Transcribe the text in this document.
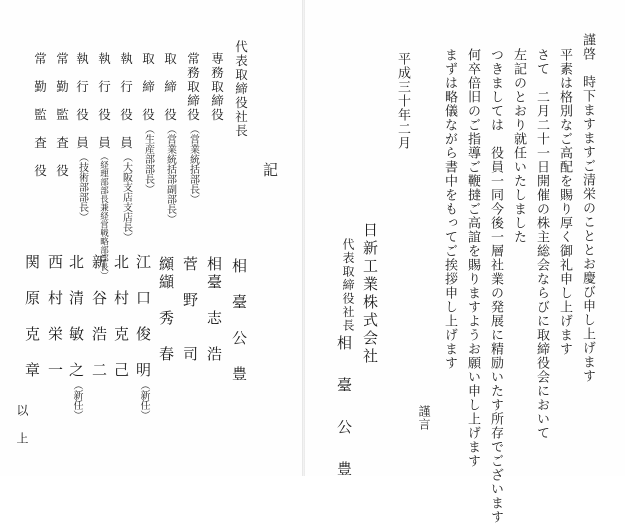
謹啓　時下ますますご清栄のこととお慶び申し上げます
平素は格別なご高配を賜り厚く御礼申し上げます
さて　二月二十一日開催の株主総会ならびに取締役会において
左記のとおり就任いたしました
つきましては　役員一同今後一層社業の発展に精励いたす所存でございます
何卒倍旧のご指導ご鞭撻ご高誼を賜りますようお願い申し上げます
まずは略儀ながら書中をもってご挨拶申し上げます
謹言
平成三十年二月
日新工業株式会社
代表取締役社長
相　臺　公　豊
記
代表取締役社長
相　臺　公　豊
専務取締役
相臺　志　浩
常務取締役（営業統括部長）
菅　野　　司
取　締　役（営業統括部副部長）
纐纈　秀　春
取　締　役（生産部部長）
江　口　俊　明（新任）
執　行　役　員（大阪支店支店長）
北　村　克　己
執　行　役　員（経理部部長兼経営戦略部部長）
新　谷　浩　二
執　行　役　員（技術部部長）
北　清　敏　之（新任）
常　勤　監　査　役
西　村　栄　一
常　勤　監　査　役
関　原　克　章
以　上
